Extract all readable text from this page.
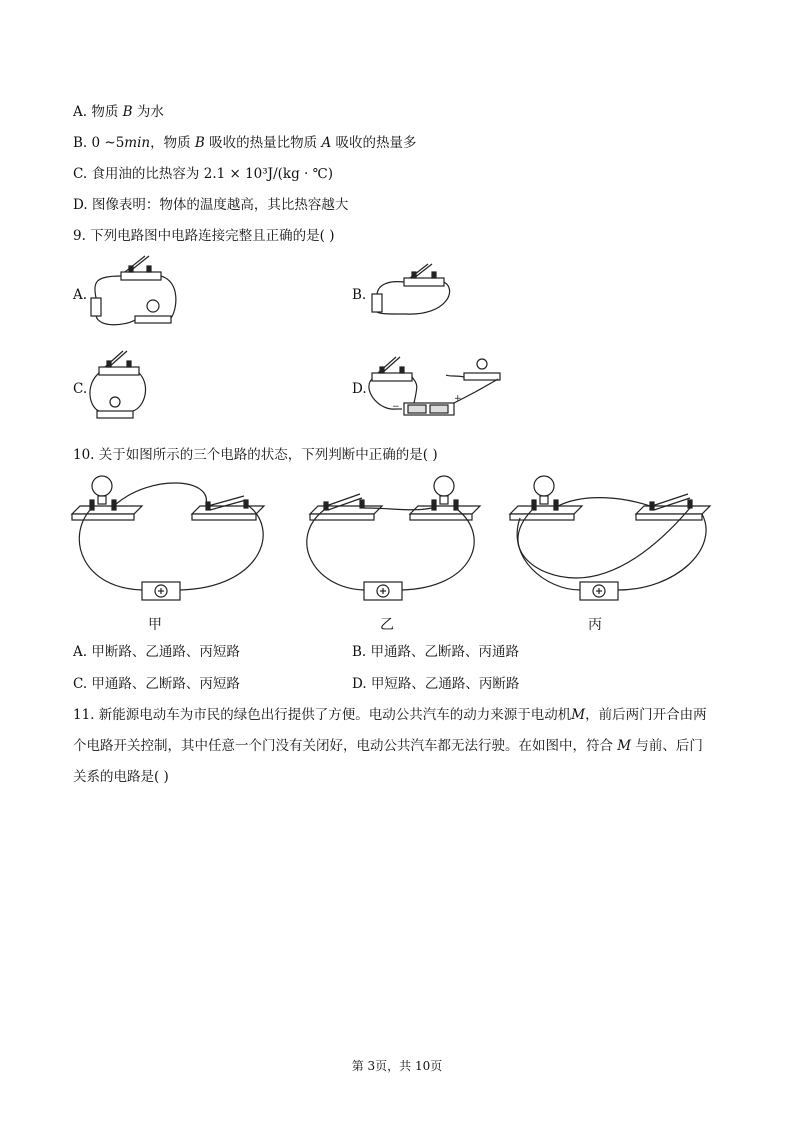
A. 物质 B 为水
B. 0 ~5min，物质 B 吸收的热量比物质 A 吸收的热量多
C. 食用油的比热容为 2.1 × 10³J/(kg · ℃)
D. 图像表明：物体的温度越高，其比热容越大
9. 下列电路图中电路连接完整且正确的是( )
A.	B.
C.	D.
−
+
10. 关于如图所示的三个电路的状态，下列判断中正确的是( )
甲	乙	丙
A. 甲断路、乙通路、丙短路	B. 甲通路、乙断路、丙通路
C. 甲通路、乙断路、丙短路	D. 甲短路、乙通路、丙断路
11. 新能源电动车为市民的绿色出行提供了方便。电动公共汽车的动力来源于电动机M，前后两门开合由两
个电路开关控制，其中任意一个门没有关闭好，电动公共汽车都无法行驶。在如图中，符合 M 与前、后门
关系的电路是( )
第 3页，共 10页
